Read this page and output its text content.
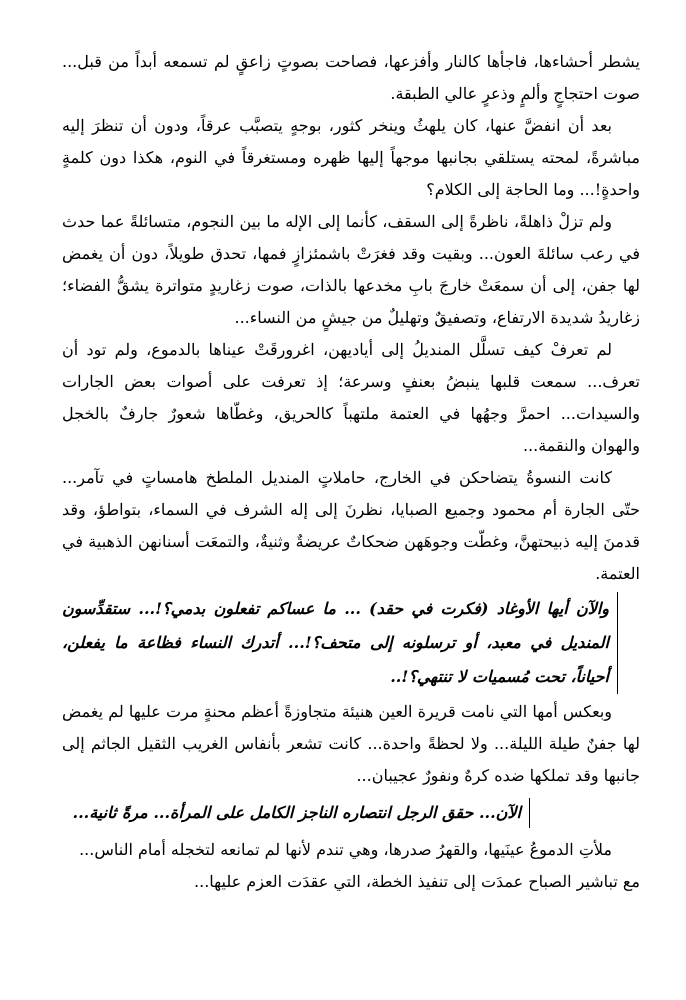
يشطر أحشاءها، فاجأها كالنار وأفزعها، فصاحت بصوتٍ زاعقٍ لم تسمعه أبداً من قبل... صوت احتجاجٍ وألمٍ وذعرٍ عالي الطبقة.

بعد أن انفضَّ عنها، كان يلهثُ وينخر كثور، بوجهٍ يتصبَّب عرقاً، ودون أن تنظرَ إليه مباشرةً، لمحته يستلقي بجانبها موجهاً إليها ظهره ومستغرقاً في النوم، هكذا دون كلمةٍ واحدةٍ!... وما الحاجة إلى الكلام؟

ولم تزلْ ذاهلةً، ناظرةً إلى السقف، كأنما إلى الإله ما بين النجوم، متسائلةً عما حدث في رعب سائلةَ العون... وبقيت وقد فغرَتْ باشمئزازٍ فمها، تحدق طويلاً، دون أن يغمض لها جفن، إلى أن سمعَتْ خارجَ بابِ مخدعها بالذات، صوت زغاريدٍ متواترة يشقُّ الفضاء؛ زغاريدُ شديدة الارتفاع، وتصفيقٌ وتهليلٌ من جيشٍ من النساء...

لم تعرفْ كيف تسلَّل المنديلُ إلى أياديهن، اغرورقَتْ عيناها بالدموع، ولم تود أن تعرف... سمعت قلبها ينبضُ بعنفٍ وسرعة؛ إذ تعرفت على أصوات بعض الجارات والسيدات... احمرَّ وجهُها في العتمة ملتهباً كالحريق، وغطّاها شعورٌ جارفٌ بالخجل والهوان والنقمة...

كانت النسوةُ يتضاحكن في الخارج، حاملاتٍ المنديل الملطخ هامساتٍ في تآمر... حتّى الجارة أم محمود وجميع الصبايا، نظرنَ إلى إله الشرف في السماء، بتواطؤ، وقد قدمنَ إليه ذبيحتهنَّ، وغطّت وجوهَهن ضحكاتٌ عريضةٌ وثنيةٌ، والتمعَت أسنانهن الذهبية في العتمة.

والآن أيها الأوغاد (فكرت في حقد) ... ما عساكم تفعلون بدمي؟!... ستقدِّسون المنديل في معبد، أو ترسلونه إلى متحف؟!... أتدرك النساء فظاعة ما يفعلن، أحياناً، تحت مُسميات لا تنتهي؟!..

وبعكس أمها التي نامت قريرة العين هنيئة متجاوزةً أعظم محنةٍ مرت عليها لم يغمض لها جفنٌ طيلة الليلة... ولا لحظةً واحدة... كانت تشعر بأنفاس الغريب الثقيل الجاثم إلى جانبها وقد تملكها ضده كرهٌ ونفورٌ عجيبان...

الآن... حقق الرجل انتصاره الناجز الكامل على المرأة... مرةً ثانية...

ملأتِ الدموعُ عينَيها، والقهرُ صدرها، وهي تندم لأنها لم تمانعه لتخجله أمام الناس...

مع تباشير الصباح عمدَت إلى تنفيذ الخطة، التي عقدَت العزم عليها...
